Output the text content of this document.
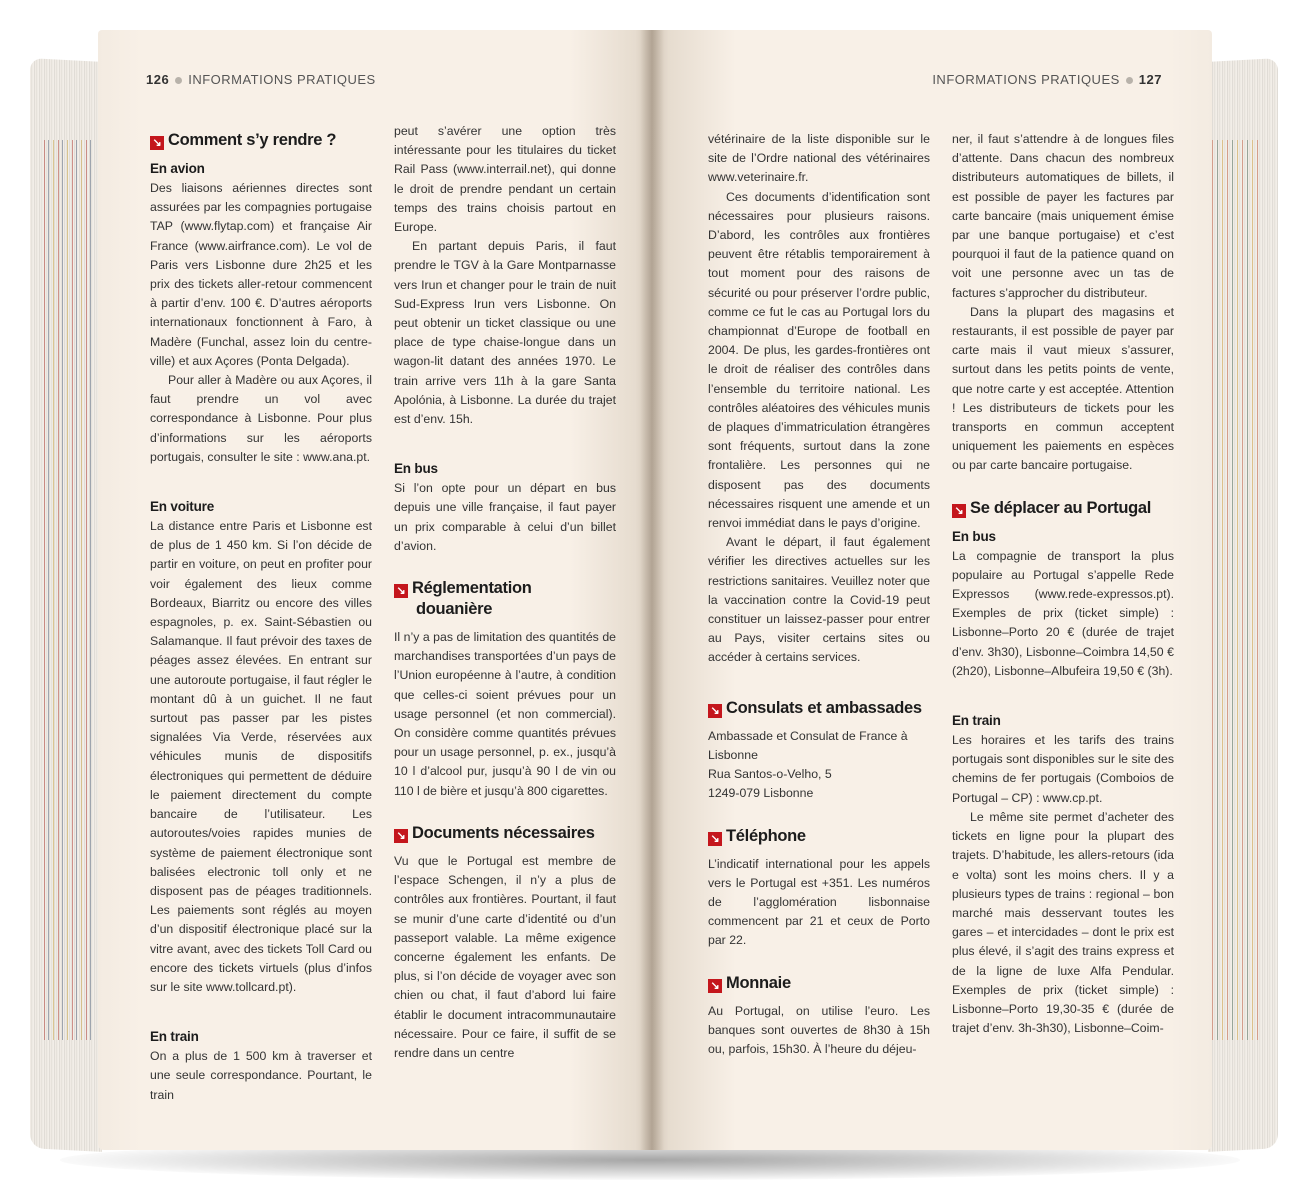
126 INFORMATIONS PRATIQUES
↘ Comment s’y rendre ?
En avion

Des liaisons aériennes directes sont assurées par les compagnies portugaise TAP (www.flytap.com) et française Air France (www.airfrance.com). Le vol de Paris vers Lisbonne dure 2h25 et les prix des tickets aller-retour commencent à partir d’env. 100 €. D’autres aéroports internationaux fonctionnent à Faro, à Madère (Funchal, assez loin du centre-ville) et aux Açores (Ponta Delgada).

Pour aller à Madère ou aux Açores, il faut prendre un vol avec correspondance à Lisbonne. Pour plus d’informations sur les aéroports portugais, consulter le site : www.ana.pt.

En voiture

La distance entre Paris et Lisbonne est de plus de 1 450 km. Si l’on décide de partir en voiture, on peut en profiter pour voir également des lieux comme Bordeaux, Biarritz ou encore des villes espagnoles, p. ex. Saint-Sébastien ou Salamanque. Il faut prévoir des taxes de péages assez élevées. En entrant sur une autoroute portugaise, il faut régler le montant dû à un guichet. Il ne faut surtout pas passer par les pistes signalées Via Verde, réservées aux véhicules munis de dispositifs électroniques qui permettent de déduire le paiement directement du compte bancaire de l’utilisateur. Les autoroutes/voies rapides munies de système de paiement électronique sont balisées electronic toll only et ne disposent pas de péages traditionnels. Les paiements sont réglés au moyen d’un dispositif électronique placé sur la vitre avant, avec des tickets Toll Card ou encore des tickets virtuels (plus d’infos sur le site www.tollcard.pt).

En train

On a plus de 1 500 km à traverser et une seule correspondance. Pourtant, le train

peut s’avérer une option très intéressante pour les titulaires du ticket Rail Pass (www.interrail.net), qui donne le droit de prendre pendant un certain temps des trains choisis partout en Europe.

En partant depuis Paris, il faut prendre le TGV à la Gare Montparnasse vers Irun et changer pour le train de nuit Sud-Express Irun vers Lisbonne. On peut obtenir un ticket classique ou une place de type chaise-longue dans un wagon-lit datant des années 1970. Le train arrive vers 11h à la gare Santa Apolónia, à Lisbonne. La durée du trajet est d’env. 15h.

En bus

Si l’on opte pour un départ en bus depuis une ville française, il faut payer un prix comparable à celui d’un billet d’avion.

↘ Réglementation
douanière

Il n’y a pas de limitation des quantités de marchandises transportées d’un pays de l’Union européenne à l’autre, à condition que celles-ci soient prévues pour un usage personnel (et non commercial). On considère comme quantités prévues pour un usage personnel, p. ex., jusqu’à 10 l d’alcool pur, jusqu’à 90 l de vin ou 110 l de bière et jusqu’à 800 cigarettes.

↘ Documents nécessaires

Vu que le Portugal est membre de l’espace Schengen, il n’y a plus de contrôles aux frontières. Pourtant, il faut se munir d’une carte d’identité ou d’un passeport valable. La même exigence concerne également les enfants. De plus, si l’on décide de voyager avec son chien ou chat, il faut d’abord lui faire établir le document intracommunautaire nécessaire. Pour ce faire, il suffit de se rendre dans un centre

INFORMATIONS PRATIQUES 127

vétérinaire de la liste disponible sur le site de l’Ordre national des vétérinaires www.veterinaire.fr.

Ces documents d’identification sont nécessaires pour plusieurs raisons. D’abord, les contrôles aux frontières peuvent être rétablis temporairement à tout moment pour des raisons de sécurité ou pour préserver l’ordre public, comme ce fut le cas au Portugal lors du championnat d’Europe de football en 2004. De plus, les gardes-frontières ont le droit de réaliser des contrôles dans l’ensemble du territoire national. Les contrôles aléatoires des véhicules munis de plaques d’immatriculation étrangères sont fréquents, surtout dans la zone frontalière. Les personnes qui ne disposent pas des documents nécessaires risquent une amende et un renvoi immédiat dans le pays d’origine.

Avant le départ, il faut également vérifier les directives actuelles sur les restrictions sanitaires. Veuillez noter que la vaccination contre la Covid-19 peut constituer un laissez-passer pour entrer au Pays, visiter certains sites ou accéder à certains services.

↘ Consulats et ambassades

Ambassade et Consulat de France à Lisbonne

Rua Santos-o-Velho, 5

1249-079 Lisbonne

↘ Téléphone

L’indicatif international pour les appels vers le Portugal est +351. Les numéros de l’agglomération lisbonnaise commencent par 21 et ceux de Porto par 22.

↘ Monnaie

Au Portugal, on utilise l’euro. Les banques sont ouvertes de 8h30 à 15h ou, parfois, 15h30. À l’heure du déjeu-

ner, il faut s’attendre à de longues files d’attente. Dans chacun des nombreux distributeurs automatiques de billets, il est possible de payer les factures par carte bancaire (mais uniquement émise par une banque portugaise) et c’est pourquoi il faut de la patience quand on voit une personne avec un tas de factures s’approcher du distributeur.

Dans la plupart des magasins et restaurants, il est possible de payer par carte mais il vaut mieux s’assurer, surtout dans les petits points de vente, que notre carte y est acceptée. Attention ! Les distributeurs de tickets pour les transports en commun acceptent uniquement les paiements en espèces ou par carte bancaire portugaise.

↘ Se déplacer au Portugal
En bus

La compagnie de transport la plus populaire au Portugal s’appelle Rede Expressos (www.rede-expressos.pt). Exemples de prix (ticket simple) : Lisbonne–Porto 20 € (durée de trajet d’env. 3h30), Lisbonne–Coimbra 14,50 € (2h20), Lisbonne–Albufeira 19,50 € (3h).

En train

Les horaires et les tarifs des trains portugais sont disponibles sur le site des chemins de fer portugais (Comboios de Portugal – CP) : www.cp.pt.

Le même site permet d’acheter des tickets en ligne pour la plupart des trajets. D’habitude, les allers-retours (ida e volta) sont les moins chers. Il y a plusieurs types de trains : regional – bon marché mais desservant toutes les gares – et intercidades – dont le prix est plus élevé, il s’agit des trains express et de la ligne de luxe Alfa Pendular. Exemples de prix (ticket simple) : Lisbonne–Porto 19,30-35 € (durée de trajet d’env. 3h-3h30), Lisbonne–Coim-
